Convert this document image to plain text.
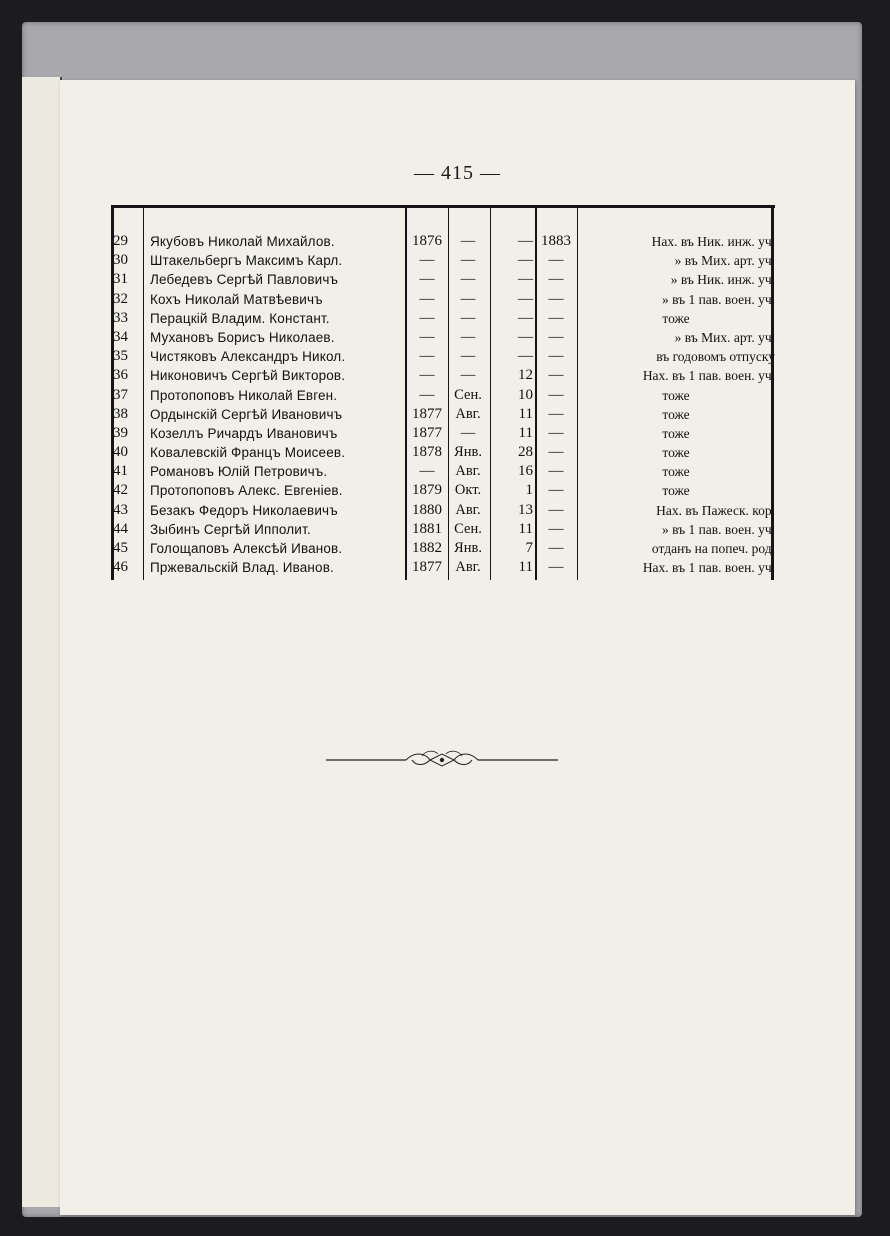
— 415 —
29	Якубовъ Николай Михайлов.	1876	—	— 1883	Нах. въ Ник. инж. уч.
30	Штакельбергъ Максимъ Карл.	—	—	—	—	» въ Мих. арт. уч.
31	Лебедевъ Сергѣй Павловичъ	—	—	—	—	» въ Ник. инж. уч.
32	Кохъ Николай Матвѣевичъ	—	—	—	—	» въ 1 пав. воен. уч.
33	Перацкій Владим. Констант.	—	—	—	—	тоже
34	Мухановъ Борисъ Николаев.	—	—	—	—	» въ Мих. арт. уч.
35	Чистяковъ Александръ Никол.	—	—	—	—	въ годовомъ отпуску
36	Никоновичъ Сергѣй Викторов.	—	—	12	—	Нах. въ 1 пав. воен. уч.
37	Протопоповъ Николай Евген.	—	Сен.	10	—	тоже
38	Ордынскій Сергѣй Ивановичъ	1877 Авг.	11	—	тоже
39	Козеллъ Ричардъ Ивановичъ	1877	—	11	—	тоже
40	Ковалевскій Францъ Моисеев.	1878 Янв.	28	—	тоже
41	Романовъ Юлій Петровичъ.	—	Авг.	16	—	тоже
42	Протопоповъ Алекс. Евгеніев.	1879 Окт.	1	—	тоже
43	Безакъ Федоръ Николаевичъ	1880 Авг.	13	—	Нах. въ Пажеск. кор.
44	Зыбинъ Сергѣй Ипполит.	1881 Сен.	11	—	» въ 1 пав. воен. уч.
45	Голощаповъ Алексѣй Иванов.	1882 Янв.	7	—	отданъ на попеч. род.
46	Пржевальскій Влад. Иванов.	1877 Авг.	11	—	Нах. въ 1 пав. воен. уч.
